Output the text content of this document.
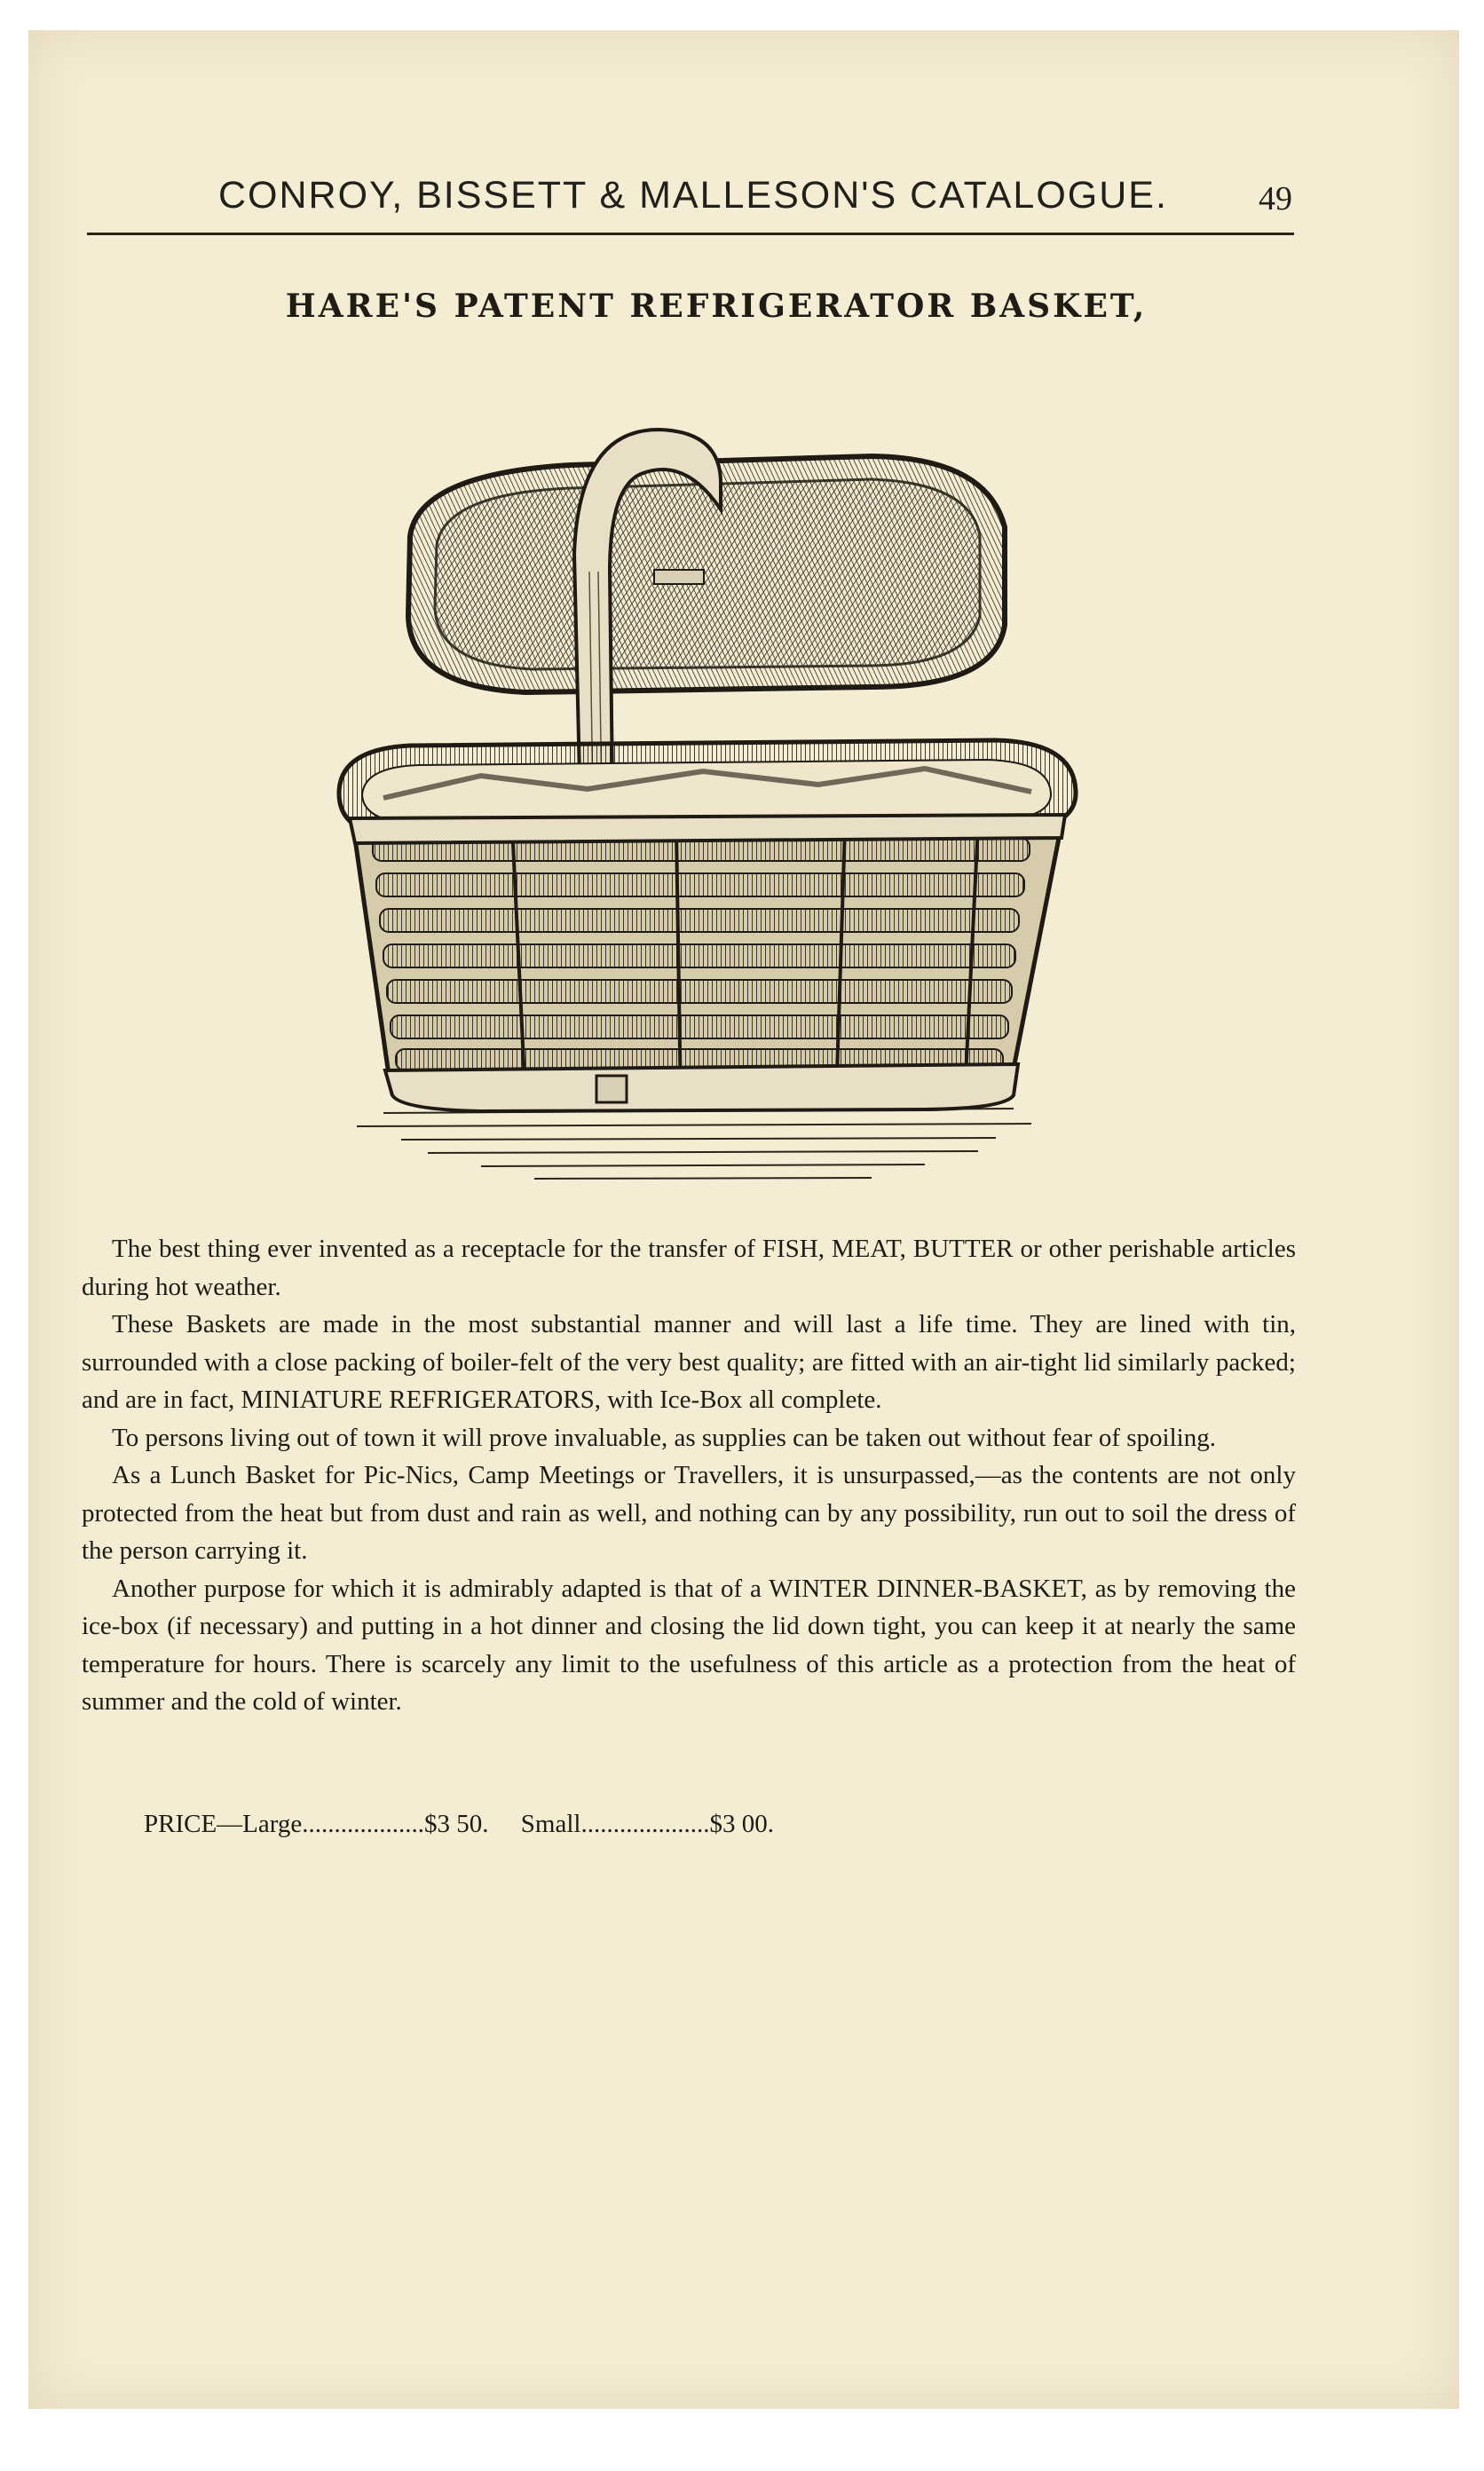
CONROY, BISSETT & MALLESON'S CATALOGUE.	49
HARE'S PATENT REFRIGERATOR BASKET,

The best thing ever invented as a receptacle for the transfer of FISH, MEAT, BUTTER or other perishable articles during hot weather.

These Baskets are made in the most substantial manner and will last a life time. They are lined with tin, surrounded with a close packing of boiler-felt of the very best quality; are fitted with an air-tight lid similarly packed; and are in fact, MINIATURE REFRIGERATORS, with Ice-Box all complete.

To persons living out of town it will prove invaluable, as supplies can be taken out without fear of spoiling.

As a Lunch Basket for Pic-Nics, Camp Meetings or Travellers, it is unsurpassed,—as the contents are not only protected from the heat but from dust and rain as well, and nothing can by any possibility, run out to soil the dress of the person carrying it.

Another purpose for which it is admirably adapted is that of a WINTER DINNER-BASKET, as by removing the ice-box (if necessary) and putting in a hot dinner and closing the lid down tight, you can keep it at nearly the same temperature for hours. There is scarcely any limit to the usefulness of this article as a protection from the heat of summer and the cold of winter.

PRICE—Large...................$3 50. Small....................$3 00.
